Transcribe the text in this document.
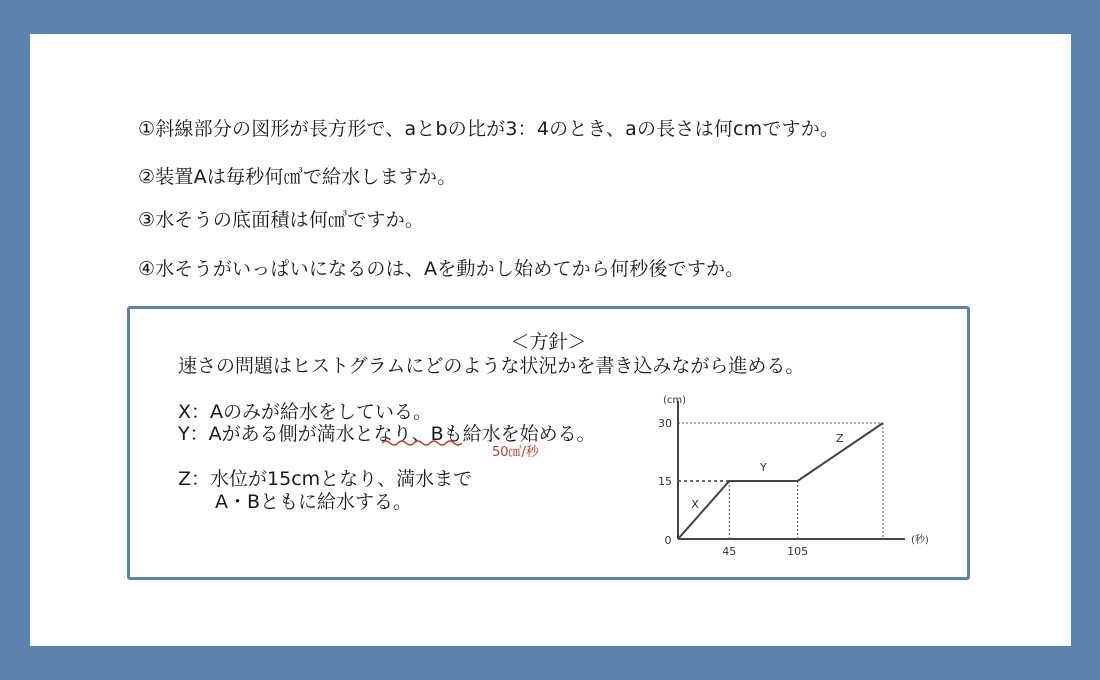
①斜線部分の図形が長方形で、aとbの比が3：4のとき、aの長さは何cmですか。
②装置Aは毎秒何㎤で給水しますか。
③水そうの底面積は何㎤ですか。
④水そうがいっぱいになるのは、Aを動かし始めてから何秒後ですか。
＜方針＞
速さの問題はヒストグラムにどのような状況かを書き込みながら進める。
X：Aのみが給水をしている。
Y：Aがある側が満水となり、Bも給水を始める。
50㎤/秒
Z：水位が15cmとなり、満水まで
A・Bともに給水する。
(cm)
(秒)
0
45	105
15
30
X
Y
Z
